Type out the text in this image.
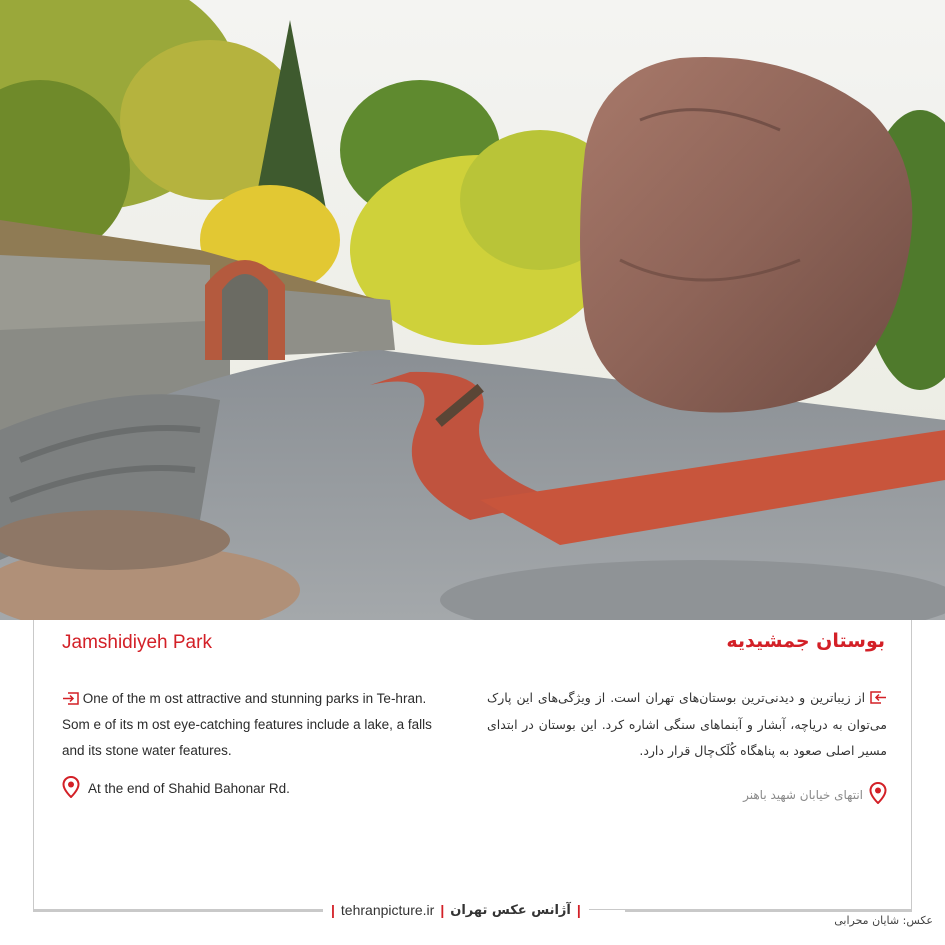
Jamshidiyeh Park	بوستان جمشیدیه
One of the m ost attractive and stunning parks in Te-hran. Som e of its m ost eye-catching features include a lake, a falls and its stone water features.
از زیباترین و دیدنی‌ترین بوستان‌های تهران است. از ویژگی‌های این پارک می‌توان به دریاچه، آبشار و آبنماهای سنگی اشاره کرد. این بوستان در ابتدای مسیر اصلی صعود به پناهگاه کُلَک‌چال قرار دارد.
At the end of Shahid Bahonar Rd.	انتهای خیابان شهید باهنر
| tehranpicture.ir | آژانس عکس تهران |
عکس: شایان محرابی
